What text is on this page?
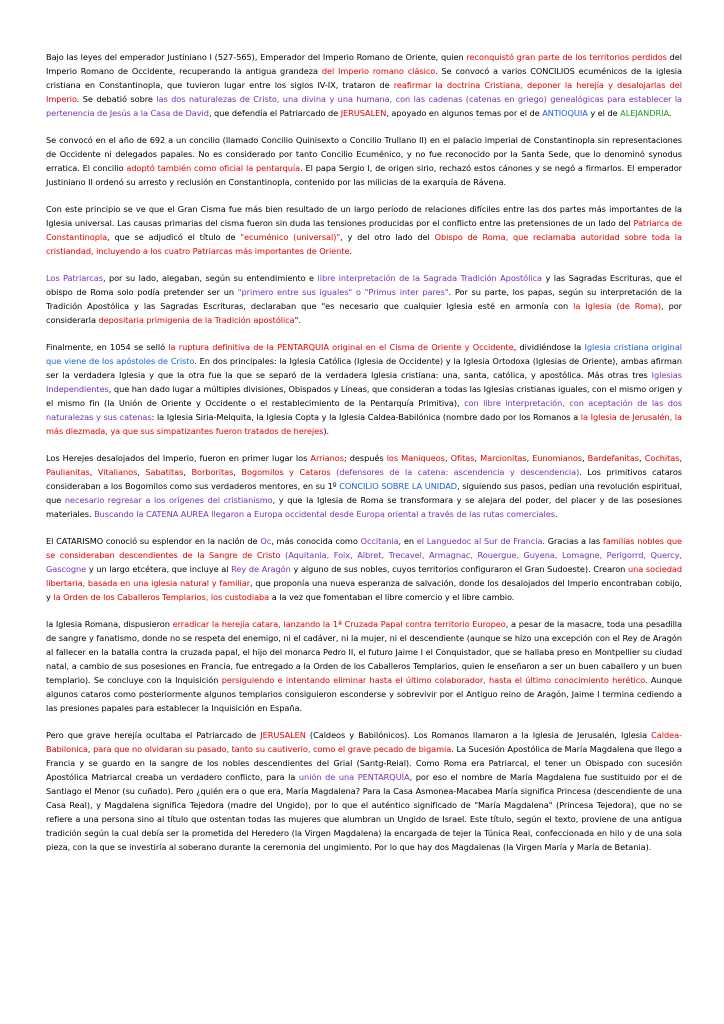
Bajo las leyes del emperador Justiniano I (527-565), Emperador del Imperio Romano de Oriente, quien reconquistó gran parte de los territorios perdidos del Imperio Romano de Occidente, recuperando la antigua grandeza del Imperio romano clásico. Se convocó a varios CONCILIOS ecuménicos de la iglesia cristiana en Constantinopla, que tuvieron lugar entre los siglos IV-IX, trataron de reafirmar la doctrina Cristiana, deponer la herejía y desalojarlas del Imperio. Se debatió sobre las dos naturalezas de Cristo, una divina y una humana, con las cadenas (catenas en griego) genealógicas para establecer la pertenencia de Jesús a la Casa de David, que defendía el Patriarcado de JERUSALEN, apoyado en algunos temas por el de ANTIOQUIA y el de ALEJANDRIA.

Se convocó en el año de 692 a un concilio (llamado Concilio Quinisexto o Concilio Trullano II) en el palacio imperial de Constantinopla sin representaciones de Occidente ni delegados papales. No es considerado por tanto Concilio Ecuménico, y no fue reconocido por la Santa Sede, que lo denominó synodus erratica. El concilio adoptó también como oficial la pentarquía. El papa Sergio I, de origen sirio, rechazó estos cánones y se negó a firmarlos. El emperador Justiniano II ordenó su arresto y reclusión en Constantinopla, contenido por las milicias de la exarquía de Rávena.

Con este principio se ve que el Gran Cisma fue más bien resultado de un largo período de relaciones difíciles entre las dos partes más importantes de la Iglesia universal. Las causas primarias del cisma fueron sin duda las tensiones producidas por el conflicto entre las pretensiones de un lado del Patriarca de Constantinopla, que se adjudicó el título de "ecuménico (universal)", y del otro lado del Obispo de Roma, que reclamaba autoridad sobre toda la cristiandad, incluyendo a los cuatro Patriarcas más importantes de Oriente.

Los Patriarcas, por su lado, alegaban, según su entendimiento e libre interpretación de la Sagrada Tradición Apostólica y las Sagradas Escrituras, que el obispo de Roma solo podía pretender ser un "primero entre sus iguales" o "Primus inter pares". Por su parte, los papas, según su interpretación de la Tradición Apostólica y las Sagradas Escrituras, declaraban que "es necesario que cualquier Iglesia esté en armonía con la Iglesia (de Roma), por considerarla depositaria primigenia de la Tradición apostólica".

Finalmente, en 1054 se selló la ruptura definitiva de la PENTARQUIA original en el Cisma de Oriente y Occidente, dividiéndose la Iglesia cristiana original que viene de los apóstoles de Cristo. En dos principales: la Iglesia Católica (Iglesia de Occidente) y la Iglesia Ortodoxa (Iglesias de Oriente), ambas afirman ser la verdadera Iglesia y que la otra fue la que se separó de la verdadera Iglesia cristiana: una, santa, católica, y apostólica. Más otras tres Iglesias Independientes, que han dado lugar a múltiples divisiones, Obispados y Líneas, que consideran a todas las Iglesias cristianas iguales, con el mismo origen y el mismo fin (la Unión de Oriente y Occidente o el restablecimiento de la Pentarquía Primitiva), con libre interpretación, con aceptación de las dos naturalezas y sus catenas: la Iglesia Siria-Melquita, la Iglesia Copta y la Iglesia Caldea-Babilónica (nombre dado por los Romanos a la Iglesia de Jerusalén, la más diezmada, ya que sus simpatizantes fueron tratados de herejes).

Los Herejes desalojados del Imperio, fueron en primer lugar los Arrianos; después los Maniqueos, Ofitas, Marcionitas, Eunomianos, Bardefanitas, Cochitas, Paulianitas, Vitalianos, Sabatitas, Borboritas, Bogomilos y Cataros (defensores de la catena: ascendencia y descendencia). Los primitivos cataros consideraban a los Bogomilos como sus verdaderos mentores, en su 1º CONCILIO SOBRE LA UNIDAD, siguiendo sus pasos, pedían una revolución espiritual, que necesario regresar a los orígenes del cristianismo, y que la Iglesia de Roma se transformara y se alejara del poder, del placer y de las posesiones materiales. Buscando la CATENA AUREA llegaron a Europa occidental desde Europa oriental a través de las rutas comerciales.

El CATARISMO conoció su esplendor en la nación de Oc, más conocida como Occitania, en el Languedoc al Sur de Francia. Gracias a las familias nobles que se consideraban descendientes de la Sangre de Cristo (Aquitania, Foix, Albret, Trecavel, Armagnac, Rouergue, Guyena, Lomagne, Perigorrd, Quercy, Gascogne y un largo etcétera, que incluye al Rey de Aragón y alguno de sus nobles, cuyos territorios configuraron el Gran Sudoeste). Crearon una sociedad libertaria, basada en una iglesia natural y familiar, que proponía una nueva esperanza de salvación, donde los desalojados del Imperio encontraban cobijo, y la Orden de los Caballeros Templarios, los custodiaba a la vez que fomentaban el libre comercio y el libre cambio.

la Iglesia Romana, dispusieron erradicar la herejía catara, lanzando la 1ª Cruzada Papal contra territorio Europeo, a pesar de la masacre, toda una pesadilla de sangre y fanatismo, donde no se respeta del enemigo, ni el cadáver, ni la mujer, ni el descendiente (aunque se hizo una excepción con el Rey de Aragón al fallecer en la batalla contra la cruzada papal, el hijo del monarca Pedro II, el futuro Jaime I el Conquistador, que se hallaba preso en Montpellier su ciudad natal, a cambio de sus posesiones en Francia, fue entregado a la Orden de los Caballeros Templarios, quien le enseñaron a ser un buen caballero y un buen templario). Se concluye con la Inquisición persiguiendo e intentando eliminar hasta el último colaborador, hasta el último conocimiento herético. Aunque algunos cataros como posteriormente algunos templarios consiguieron esconderse y sobrevivir por el Antiguo reino de Aragón, Jaime I termina cediendo a las presiones papales para establecer la Inquisición en España.

Pero que grave herejía ocultaba el Patriarcado de JERUSALEN (Caldeos y Babilónicos). Los Romanos llamaron a la Iglesia de Jerusalén, Iglesia Caldea-Babilonica, para que no olvidaran su pasado, tanto su cautiverio, como el grave pecado de bigamia. La Sucesión Apostólica de María Magdalena que llego a Francia y se guardo en la sangre de los nobles descendientes del Grial (Santg-Reial). Como Roma era Patriarcal, el tener un Obispado con sucesión Apostólica Matriarcal creaba un verdadero conflicto, para la unión de una PENTARQUÍA, por eso el nombre de María Magdalena fue sustituido por el de Santiago el Menor (su cuñado). Pero ¿quién era o que era, María Magdalena? Para la Casa Asmonea-Macabea María significa Princesa (descendiente de una Casa Real), y Magdalena significa Tejedora (madre del Ungido), por lo que el auténtico significado de "María Magdalena" (Princesa Tejedora), que no se refiere a una persona sino al título que ostentan todas las mujeres que alumbran un Ungido de Israel. Este título, según el texto, proviene de una antigua tradición según la cual debía ser la prometida del Heredero (la Virgen Magdalena) la encargada de tejer la Túnica Real, confeccionada en hilo y de una sola pieza, con la que se investiría al soberano durante la ceremonia del ungimiento. Por lo que hay dos Magdalenas (la Virgen María y María de Betania).
